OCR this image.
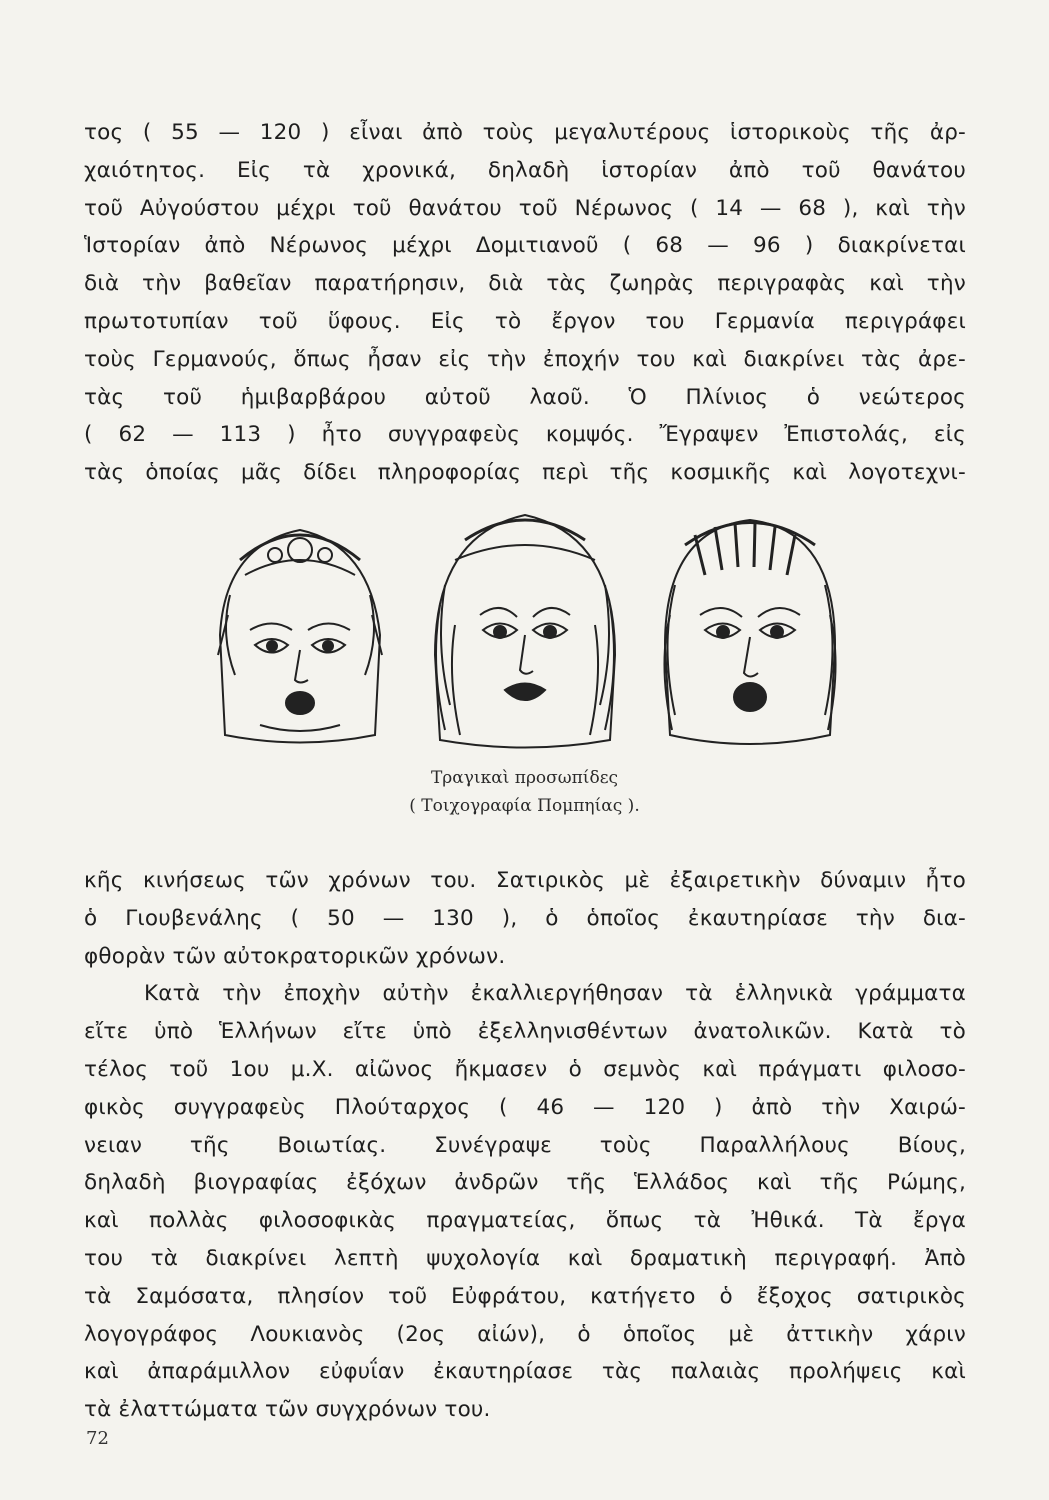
τος ( 55 — 120 ) εἶναι ἀπὸ τοὺς μεγαλυτέρους ἱστορικοὺς τῆς ἀρ-
χαιότητος. Εἰς τὰ χρονικά, δηλαδὴ ἱστορίαν ἀπὸ τοῦ θανάτου
τοῦ Αὐγούστου μέχρι τοῦ θανάτου τοῦ Νέρωνος ( 14 — 68 ), καὶ τὴν
Ἱστορίαν ἀπὸ Νέρωνος μέχρι Δομιτιανοῦ ( 68 — 96 ) διακρίνεται
διὰ τὴν βαθεῖαν παρατήρησιν, διὰ τὰς ζωηρὰς περιγραφὰς καὶ τὴν
πρωτοτυπίαν τοῦ ὕφους. Εἰς τὸ ἔργον του Γερμανία περιγράφει
τοὺς Γερμανούς, ὅπως ἦσαν εἰς τὴν ἐποχήν του καὶ διακρίνει τὰς ἀρε-
τὰς τοῦ ἡμιβαρβάρου αὐτοῦ λαοῦ. Ὁ Πλίνιος ὁ νεώτερος
( 62 — 113 ) ἦτο συγγραφεὺς κομψός. Ἔγραψεν Ἐπιστολάς, εἰς
τὰς ὁποίας μᾶς δίδει πληροφορίας περὶ τῆς κοσμικῆς καὶ λογοτεχνι-
Τραγικαὶ προσωπίδες
( Τοιχογραφία Πομπηίας ).
κῆς κινήσεως τῶν χρόνων του. Σατιρικὸς μὲ ἐξαιρετικὴν δύναμιν ἦτο
ὁ Γιουβενάλης ( 50 — 130 ), ὁ ὁποῖος ἐκαυτηρίασε τὴν δια-
φθορὰν τῶν αὐτοκρατορικῶν χρόνων.
Κατὰ τὴν ἐποχὴν αὐτὴν ἐκαλλιεργήθησαν τὰ ἑλληνικὰ γράμματα
εἴτε ὑπὸ Ἑλλήνων εἴτε ὑπὸ ἐξελληνισθέντων ἀνατολικῶν. Κατὰ τὸ
τέλος τοῦ 1ου μ.Χ. αἰῶνος ἤκμασεν ὁ σεμνὸς καὶ πράγματι φιλοσο-
φικὸς συγγραφεὺς Πλούταρχος ( 46 — 120 ) ἀπὸ τὴν Χαιρώ-
νειαν τῆς Βοιωτίας. Συνέγραψε τοὺς Παραλλήλους Βίους,
δηλαδὴ βιογραφίας ἐξόχων ἀνδρῶν τῆς Ἑλλάδος καὶ τῆς Ρώμης,
καὶ πολλὰς φιλοσοφικὰς πραγματείας, ὅπως τὰ Ἠθικά. Τὰ ἔργα
του τὰ διακρίνει λεπτὴ ψυχολογία καὶ δραματικὴ περιγραφή. Ἀπὸ
τὰ Σαμόσατα, πλησίον τοῦ Εὐφράτου, κατήγετο ὁ ἔξοχος σατιρικὸς
λογογράφος Λουκιανὸς (2ος αἰών), ὁ ὁποῖος μὲ ἀττικὴν χάριν
καὶ ἀπαράμιλλον εὐφυΐαν ἐκαυτηρίασε τὰς παλαιὰς προλήψεις καὶ
τὰ ἐλαττώματα τῶν συγχρόνων του.
72
